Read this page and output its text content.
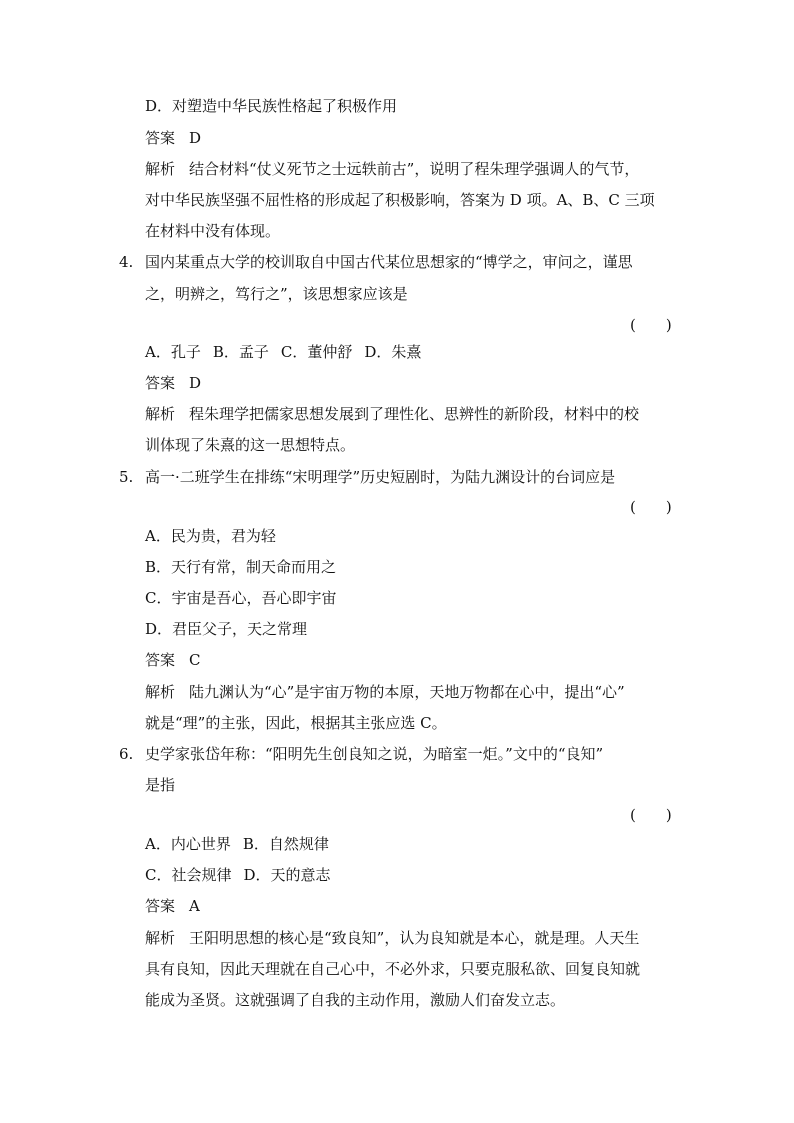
D．对塑造中华民族性格起了积极作用
答案 D
解析 结合材料“仗义死节之士远轶前古”，说明了程朱理学强调人的气节，
对中华民族坚强不屈性格的形成起了积极影响，答案为 D 项。A、B、C 三项
在材料中没有体现。
4. 国内某重点大学的校训取自中国古代某位思想家的“博学之，审问之，谨思
之，明辨之，笃行之”，该思想家应该是
(　　)
A．孔子 B．孟子 C．董仲舒 D．朱熹
答案 D
解析 程朱理学把儒家思想发展到了理性化、思辨性的新阶段，材料中的校
训体现了朱熹的这一思想特点。
5. 高一·二班学生在排练“宋明理学”历史短剧时，为陆九渊设计的台词应是
(　　)
A．民为贵，君为轻
B．天行有常，制天命而用之
C．宇宙是吾心，吾心即宇宙
D．君臣父子，天之常理
答案 C
解析 陆九渊认为“心”是宇宙万物的本原，天地万物都在心中，提出“心”
就是“理”的主张，因此，根据其主张应选 C。
6. 史学家张岱年称：“阳明先生创良知之说，为暗室一炬。”文中的“良知”
是指
(　　)
A．内心世界 B．自然规律
C．社会规律 D．天的意志
答案 A
解析 王阳明思想的核心是“致良知”，认为良知就是本心，就是理。人天生
具有良知，因此天理就在自己心中，不必外求，只要克服私欲、回复良知就
能成为圣贤。这就强调了自我的主动作用，激励人们奋发立志。
